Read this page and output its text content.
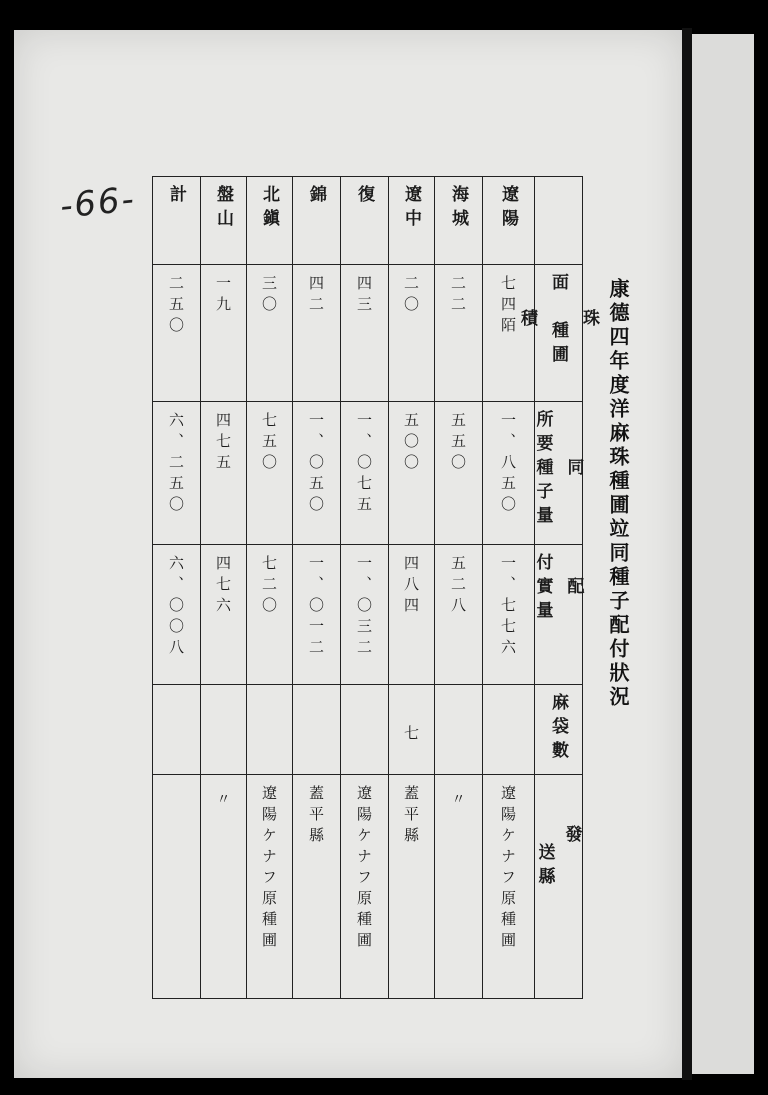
-66-
康德四年度洋麻珠種圃竝同種子配付狀況
計	盤山	北鎭	錦	復	遼中	海城	遼陽	
二五〇	一九	三〇	四二	四三	二〇	二二	七四陌	珠
面　種圃
積

六、二五〇	四七五	七五〇	一、〇五〇	一、〇七五	五〇〇	五五〇	一、八五〇	同
所要種子量

六、〇〇八	四七六	七二〇	一、〇一二	一、〇三二	四八四	五二八	一、七七六	配
付實量

					七			麻袋數
	〃	遼陽ケナフ原種圃	蓋平縣	遼陽ケナフ原種圃	蓋平縣	〃	遼陽ケナフ原種圃	發
送縣
